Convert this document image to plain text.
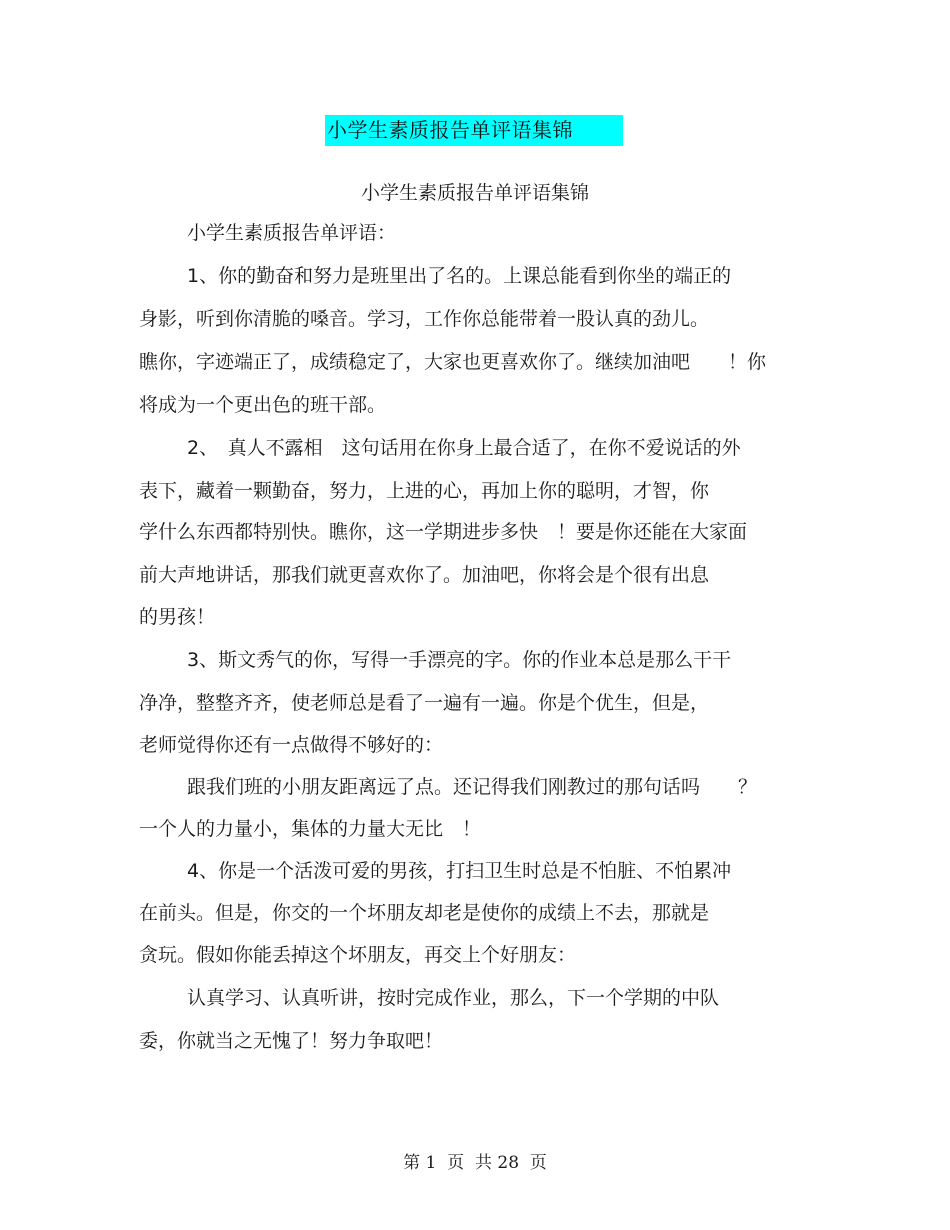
小学生素质报告单评语集锦
小学生素质报告单评语集锦
小学生素质报告单评语：
1、你的勤奋和努力是班里出了名的。上课总能看到你坐的端正的
身影，听到你清脆的嗓音。学习，工作你总能带着一股认真的劲儿。
瞧你，字迹端正了，成绩稳定了，大家也更喜欢你了。继续加油吧　　！你
将成为一个更出色的班干部。
2、　真人不露相　这句话用在你身上最合适了，在你不爱说话的外
表下，藏着一颗勤奋，努力，上进的心，再加上你的聪明，才智，你
学什么东西都特别快。瞧你，这一学期进步多快　！要是你还能在大家面
前大声地讲话，那我们就更喜欢你了。加油吧，你将会是个很有出息
的男孩！
3、斯文秀气的你，写得一手漂亮的字。你的作业本总是那么干干
净净，整整齐齐，使老师总是看了一遍有一遍。你是个优生，但是，
老师觉得你还有一点做得不够好的：
跟我们班的小朋友距离远了点。还记得我们刚教过的那句话吗　　？
一个人的力量小，集体的力量大无比　！
4、你是一个活泼可爱的男孩，打扫卫生时总是不怕脏、不怕累冲
在前头。但是，你交的一个坏朋友却老是使你的成绩上不去，那就是
贪玩。假如你能丢掉这个坏朋友，再交上个好朋友：
认真学习、认真听讲，按时完成作业，那么，下一个学期的中队
委，你就当之无愧了！努力争取吧！
第 1  页  共 28  页
